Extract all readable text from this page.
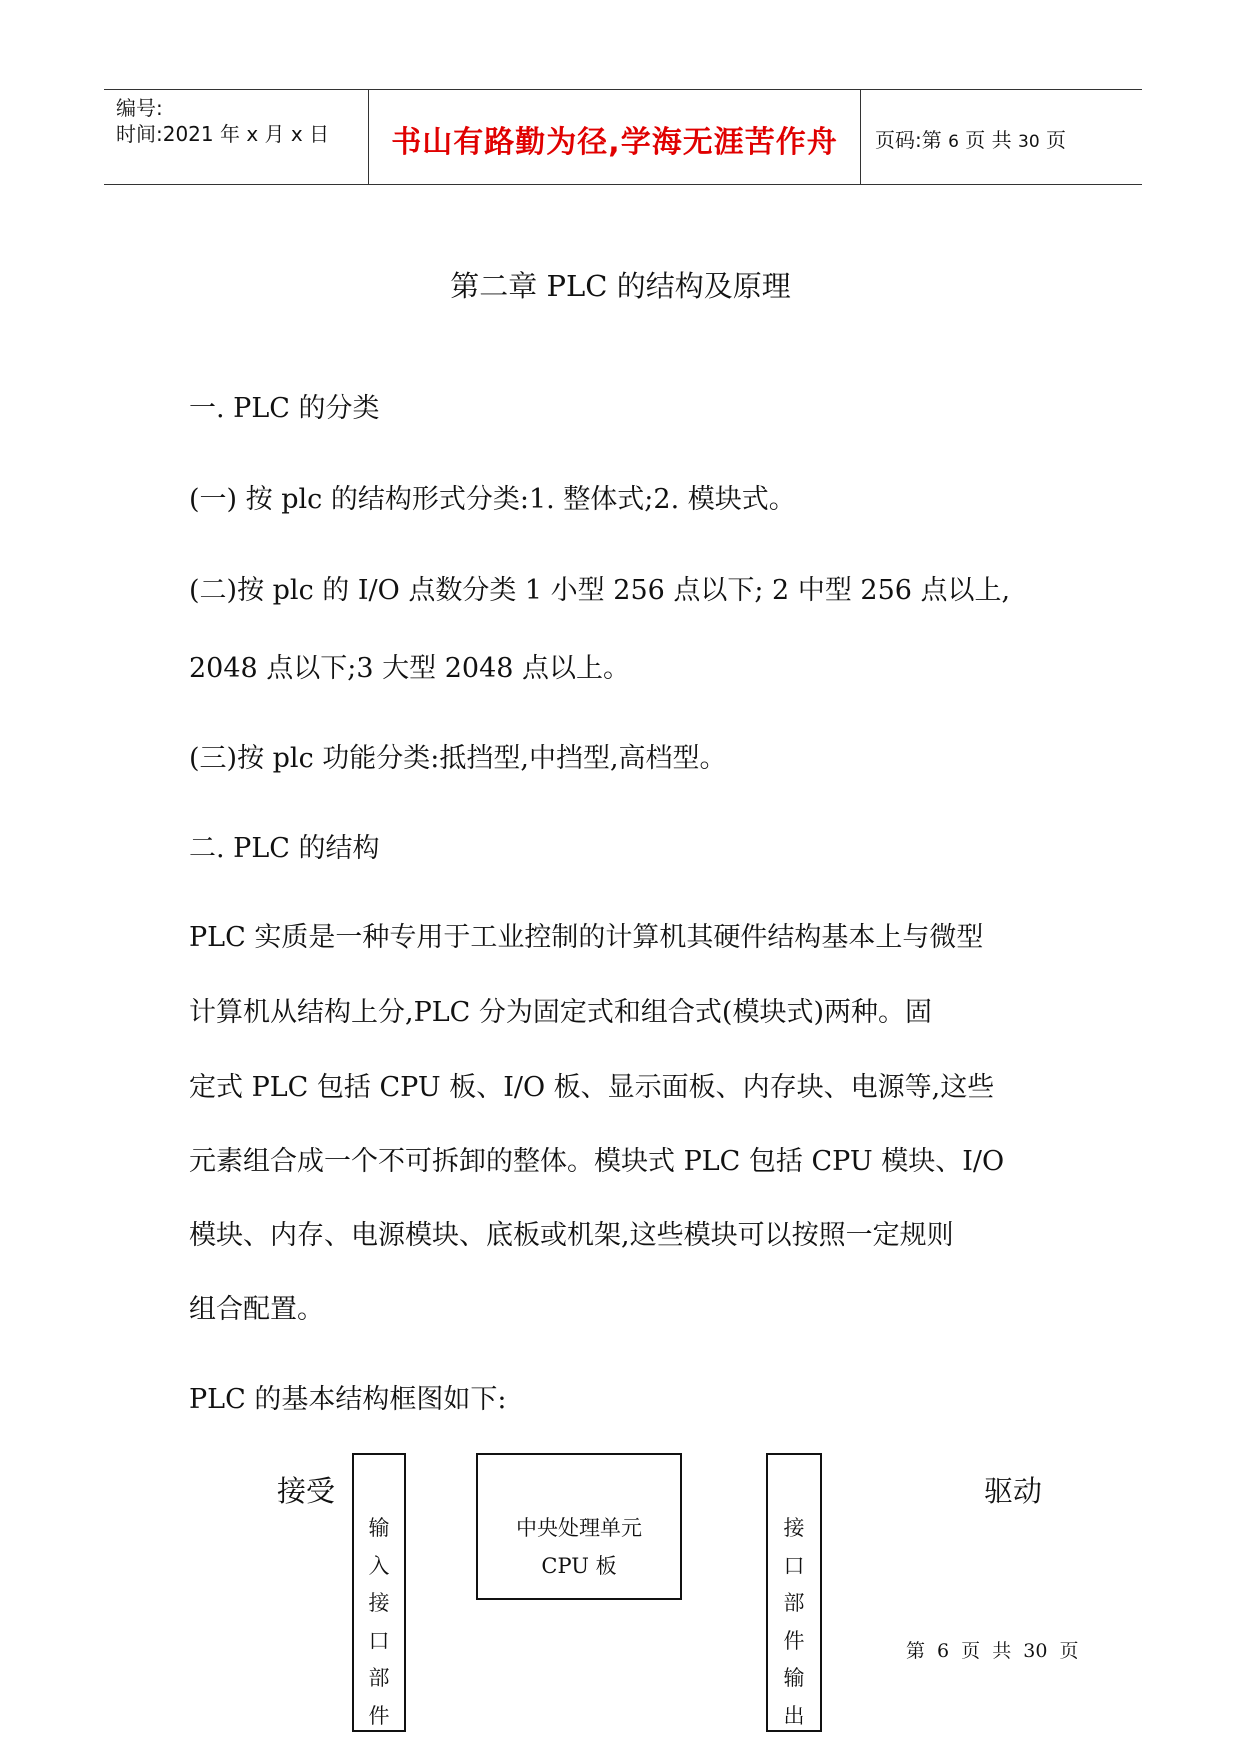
编号:
时间:2021 年 x 月 x 日	书山有路勤为径,学海无涯苦作舟	页码:第 6 页 共 30 页
第二章 PLC 的结构及原理
一. PLC 的分类
(一) 按 plc 的结构形式分类:1. 整体式;2. 模块式。
(二)按 plc 的 I/O 点数分类 1 小型 256 点以下; 2 中型 256 点以上,
2048 点以下;3 大型 2048 点以上。
(三)按 plc 功能分类:抵挡型,中挡型,高档型。
二. PLC 的结构
PLC 实质是一种专用于工业控制的计算机其硬件结构基本上与微型
计算机从结构上分,PLC 分为固定式和组合式(模块式)两种。固
定式 PLC 包括 CPU 板、I/O 板、显示面板、内存块、电源等,这些
元素组合成一个不可拆卸的整体。模块式 PLC 包括 CPU 模块、I/O
模块、内存、电源模块、底板或机架,这些模块可以按照一定规则
组合配置。
PLC 的基本结构框图如下:
接受
输
入
接
口
部
件
中央处理单元
CPU 板
接
口
部
件
输
出
驱动
第 6 页 共 30 页
